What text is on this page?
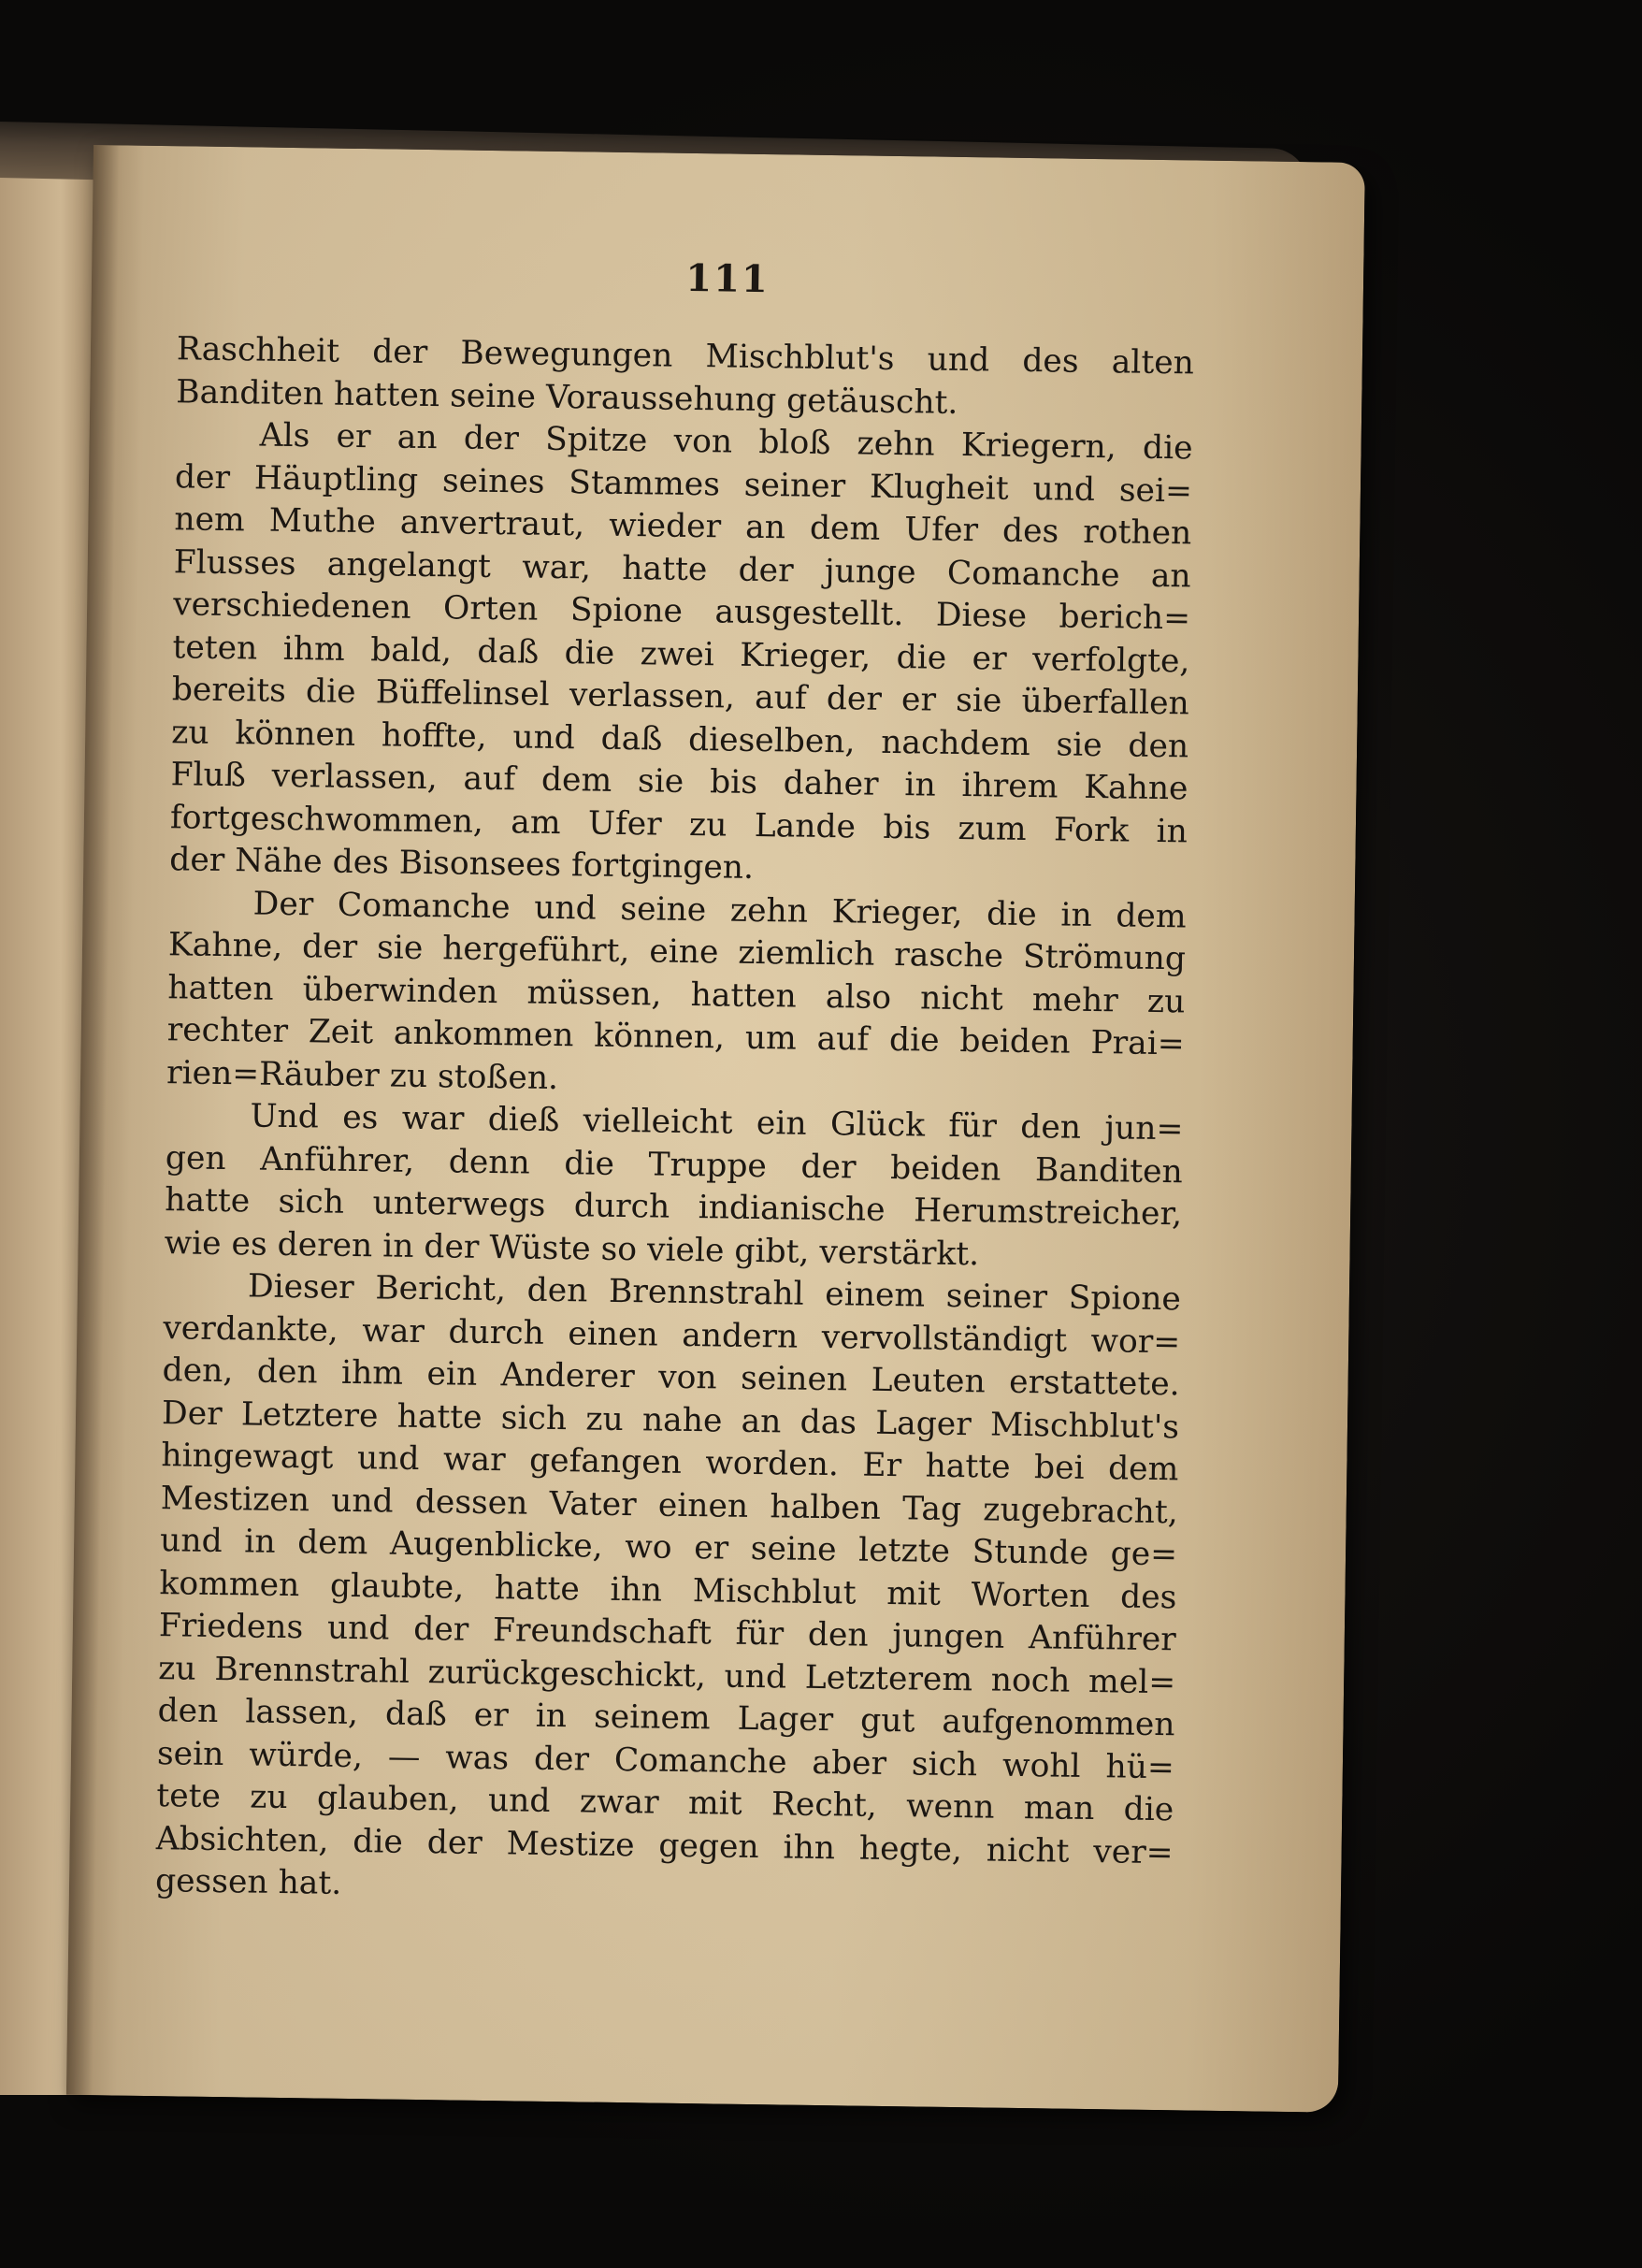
111
Raschheit der Bewegungen Mischblut's und des alten
Banditen hatten seine Voraussehung getäuscht.
Als er an der Spitze von bloß zehn Kriegern, die
der Häuptling seines Stammes seiner Klugheit und sei=
nem Muthe anvertraut, wieder an dem Ufer des rothen
Flusses angelangt war, hatte der junge Comanche an
verschiedenen Orten Spione ausgestellt. Diese berich=
teten ihm bald, daß die zwei Krieger, die er verfolgte,
bereits die Büffelinsel verlassen, auf der er sie überfallen
zu können hoffte, und daß dieselben, nachdem sie den
Fluß verlassen, auf dem sie bis daher in ihrem Kahne
fortgeschwommen, am Ufer zu Lande bis zum Fork in
der Nähe des Bisonsees fortgingen.
Der Comanche und seine zehn Krieger, die in dem
Kahne, der sie hergeführt, eine ziemlich rasche Strömung
hatten überwinden müssen, hatten also nicht mehr zu
rechter Zeit ankommen können, um auf die beiden Prai=
rien=Räuber zu stoßen.
Und es war dieß vielleicht ein Glück für den jun=
gen Anführer, denn die Truppe der beiden Banditen
hatte sich unterwegs durch indianische Herumstreicher,
wie es deren in der Wüste so viele gibt, verstärkt.
Dieser Bericht, den Brennstrahl einem seiner Spione
verdankte, war durch einen andern vervollständigt wor=
den, den ihm ein Anderer von seinen Leuten erstattete.
Der Letztere hatte sich zu nahe an das Lager Mischblut's
hingewagt und war gefangen worden. Er hatte bei dem
Mestizen und dessen Vater einen halben Tag zugebracht,
und in dem Augenblicke, wo er seine letzte Stunde ge=
kommen glaubte, hatte ihn Mischblut mit Worten des
Friedens und der Freundschaft für den jungen Anführer
zu Brennstrahl zurückgeschickt, und Letzterem noch mel=
den lassen, daß er in seinem Lager gut aufgenommen
sein würde, — was der Comanche aber sich wohl hü=
tete zu glauben, und zwar mit Recht, wenn man die
Absichten, die der Mestize gegen ihn hegte, nicht ver=
gessen hat.
